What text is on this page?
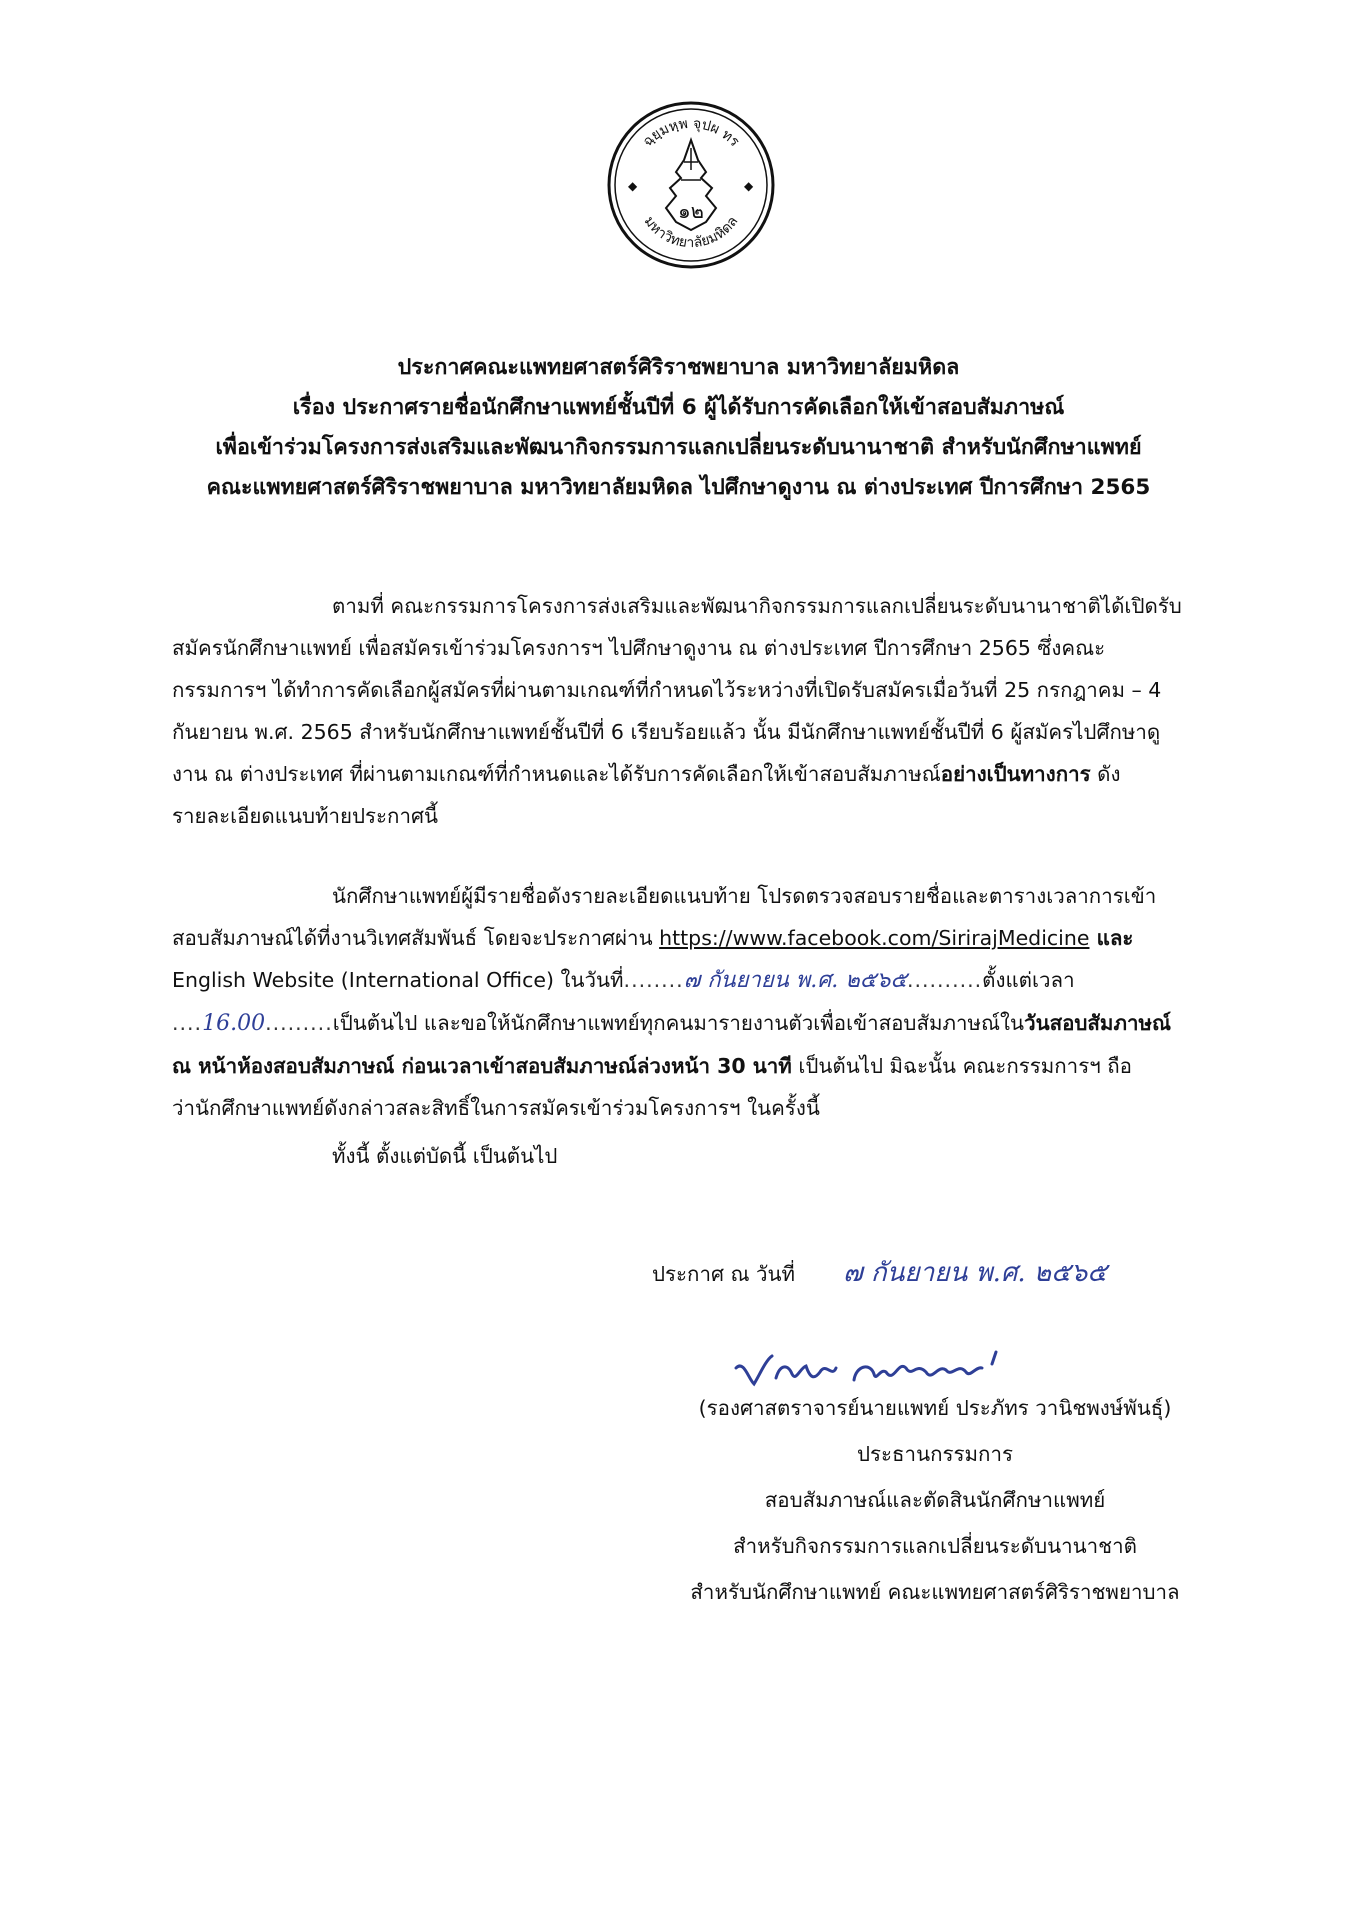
ฉฺยฺมหฺพ จุปผ ทร
มหาวิทยาลัยมหิดล
◆	◆
๑๒
ประกาศคณะแพทยศาสตร์ศิริราชพยาบาล มหาวิทยาลัยมหิดล
เรื่อง ประกาศรายชื่อนักศึกษาแพทย์ชั้นปีที่ 6 ผู้ได้รับการคัดเลือกให้เข้าสอบสัมภาษณ์
เพื่อเข้าร่วมโครงการส่งเสริมและพัฒนากิจกรรมการแลกเปลี่ยนระดับนานาชาติ สำหรับนักศึกษาแพทย์
คณะแพทยศาสตร์ศิริราชพยาบาล มหาวิทยาลัยมหิดล ไปศึกษาดูงาน ณ ต่างประเทศ ปีการศึกษา 2565
ตามที่ คณะกรรมการโครงการส่งเสริมและพัฒนากิจกรรมการแลกเปลี่ยนระดับนานาชาติได้เปิดรับ
สมัครนักศึกษาแพทย์ เพื่อสมัครเข้าร่วมโครงการฯ ไปศึกษาดูงาน ณ ต่างประเทศ ปีการศึกษา 2565 ซึ่งคณะ
กรรมการฯ ได้ทำการคัดเลือกผู้สมัครที่ผ่านตามเกณฑ์ที่กำหนดไว้ระหว่างที่เปิดรับสมัครเมื่อวันที่ 25 กรกฎาคม – 4
กันยายน พ.ศ. 2565 สำหรับนักศึกษาแพทย์ชั้นปีที่ 6 เรียบร้อยแล้ว นั้น มีนักศึกษาแพทย์ชั้นปีที่ 6 ผู้สมัครไปศึกษาดู
งาน ณ ต่างประเทศ ที่ผ่านตามเกณฑ์ที่กำหนดและได้รับการคัดเลือกให้เข้าสอบสัมภาษณ์อย่างเป็นทางการ ดัง
รายละเอียดแนบท้ายประกาศนี้
นักศึกษาแพทย์ผู้มีรายชื่อดังรายละเอียดแนบท้าย โปรดตรวจสอบรายชื่อและตารางเวลาการเข้า
สอบสัมภาษณ์ได้ที่งานวิเทศสัมพันธ์ โดยจะประกาศผ่าน https://www.facebook.com/SirirajMedicine และ
English Website (International Office) ในวันที่........๗ กันยายน พ.ศ. ๒๕๖๕..........ตั้งแต่เวลา
....16.00.........เป็นต้นไป และขอให้นักศึกษาแพทย์ทุกคนมารายงานตัวเพื่อเข้าสอบสัมภาษณ์ในวันสอบสัมภาษณ์
ณ หน้าห้องสอบสัมภาษณ์ ก่อนเวลาเข้าสอบสัมภาษณ์ล่วงหน้า 30 นาที เป็นต้นไป มิฉะนั้น คณะกรรมการฯ ถือ
ว่านักศึกษาแพทย์ดังกล่าวสละสิทธิ์ในการสมัครเข้าร่วมโครงการฯ ในครั้งนี้
ทั้งนี้ ตั้งแต่บัดนี้ เป็นต้นไป
ประกาศ ณ วันที่ ๗ กันยายน พ.ศ. ๒๕๖๕
(รองศาสตราจารย์นายแพทย์ ประภัทร วานิชพงษ์พันธุ์)
ประธานกรรมการ
สอบสัมภาษณ์และตัดสินนักศึกษาแพทย์
สำหรับกิจกรรมการแลกเปลี่ยนระดับนานาชาติ
สำหรับนักศึกษาแพทย์ คณะแพทยศาสตร์ศิริราชพยาบาล
